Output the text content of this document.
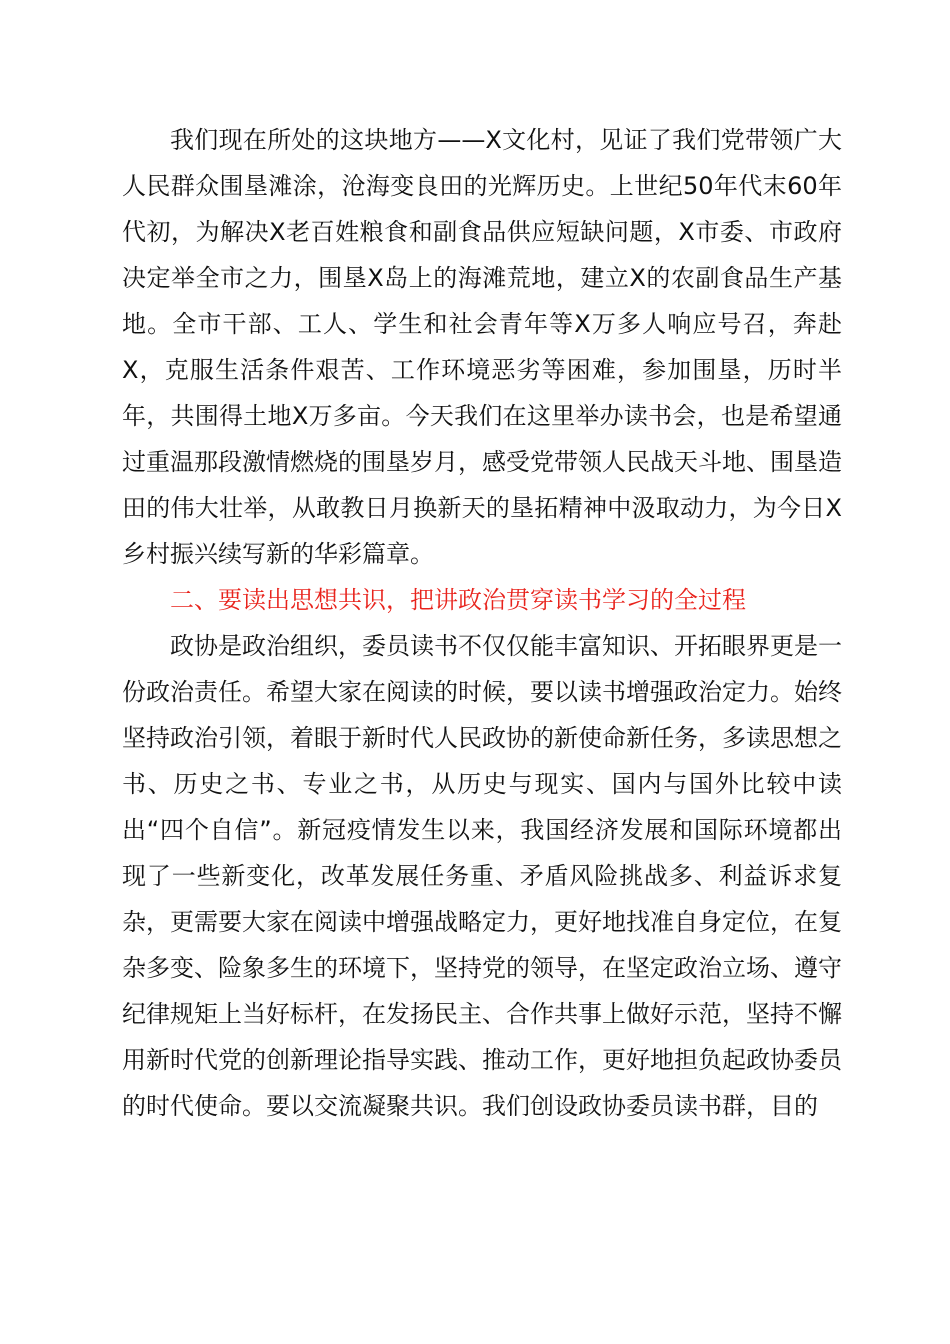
我们现在所处的这块地方——X文化村，见证了我们党带领广大人民群众围垦滩涂，沧海变良田的光辉历史。上世纪50年代末60年代初，为解决X老百姓粮食和副食品供应短缺问题，X市委、市政府决定举全市之力，围垦X岛上的海滩荒地，建立X的农副食品生产基地。全市干部、工人、学生和社会青年等X万多人响应号召，奔赴X，克服生活条件艰苦、工作环境恶劣等困难，参加围垦，历时半年，共围得土地X万多亩。今天我们在这里举办读书会，也是希望通过重温那段激情燃烧的围垦岁月，感受党带领人民战天斗地、围垦造田的伟大壮举，从敢教日月换新天的垦拓精神中汲取动力，为今日X乡村振兴续写新的华彩篇章。

二、要读出思想共识，把讲政治贯穿读书学习的全过程

政协是政治组织，委员读书不仅仅能丰富知识、开拓眼界更是一份政治责任。希望大家在阅读的时候，要以读书增强政治定力。始终坚持政治引领，着眼于新时代人民政协的新使命新任务，多读思想之书、历史之书、专业之书，从历史与现实、国内与国外比较中读出“四个自信”。新冠疫情发生以来，我国经济发展和国际环境都出现了一些新变化，改革发展任务重、矛盾风险挑战多、利益诉求复杂，更需要大家在阅读中增强战略定力，更好地找准自身定位，在复杂多变、险象多生的环境下，坚持党的领导，在坚定政治立场、遵守纪律规矩上当好标杆，在发扬民主、合作共事上做好示范，坚持不懈用新时代党的创新理论指导实践、推动工作，更好地担负起政协委员的时代使命。要以交流凝聚共识。我们创设政协委员读书群，目的
